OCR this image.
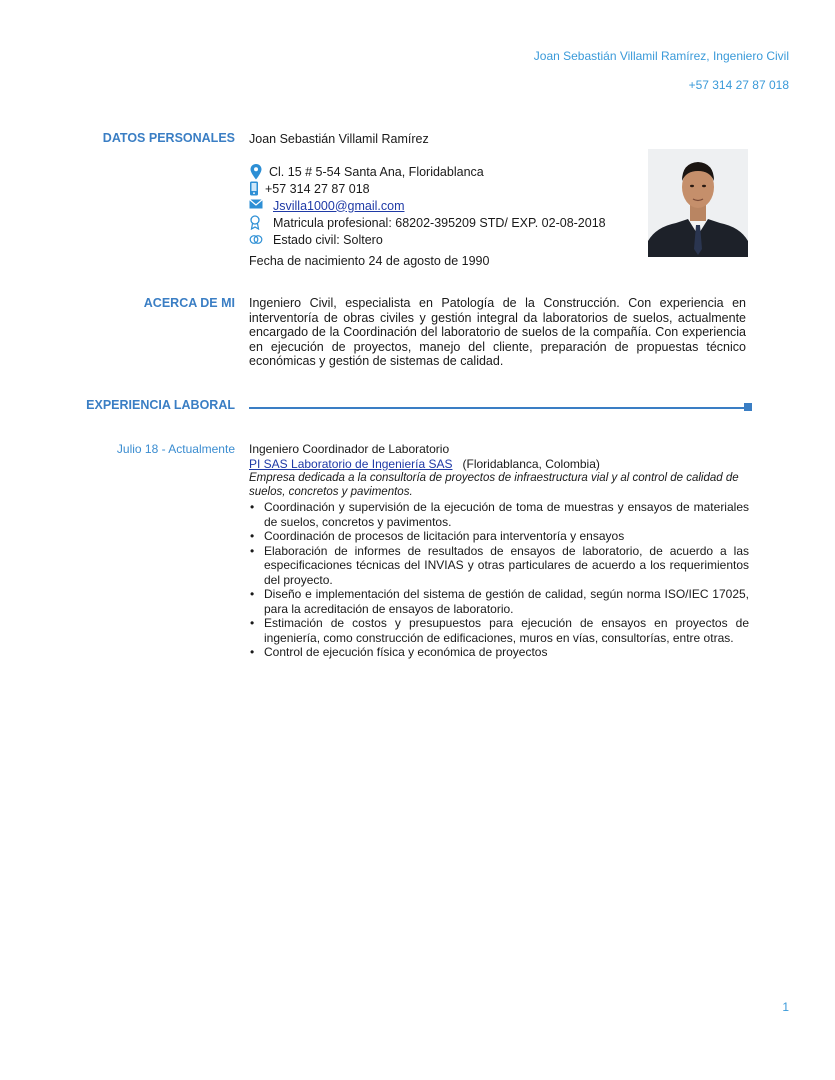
Joan Sebastián Villamil Ramírez, Ingeniero Civil
+57 314 27 87 018
DATOS PERSONALES Joan Sebastián Villamil Ramírez
Cl. 15 # 5-54 Santa Ana, Floridablanca
+57 314 27 87 018
Jsvilla1000@gmail.com
Matricula profesional: 68202-395209 STD/ EXP. 02-08-2018
Estado civil: Soltero
Fecha de nacimiento 24 de agosto de 1990
ACERCA DE MI Ingeniero Civil, especialista en Patología de la Construcción. Con experiencia en interventoría de obras civiles y gestión integral da laboratorios de suelos, actualmente encargado de la Coordinación del laboratorio de suelos de la compañía. Con experiencia en ejecución de proyectos, manejo del cliente, preparación de propuestas técnico económicas y gestión de sistemas de calidad.
EXPERIENCIA LABORAL
Julio 18 - Actualmente Ingeniero Coordinador de Laboratorio
PI SAS Laboratorio de Ingeniería SAS (Floridablanca, Colombia)
Empresa dedicada a la consultoría de proyectos de infraestructura vial y al control de calidad de suelos, concretos y pavimentos.
• Coordinación y supervisión de la ejecución de toma de muestras y ensayos de materiales de suelos, concretos y pavimentos.
• Coordinación de procesos de licitación para interventoría y ensayos
• Elaboración de informes de resultados de ensayos de laboratorio, de acuerdo a las especificaciones técnicas del INVIAS y otras particulares de acuerdo a los requerimientos del proyecto.
• Diseño e implementación del sistema de gestión de calidad, según norma ISO/IEC 17025, para la acreditación de ensayos de laboratorio.
• Estimación de costos y presupuestos para ejecución de ensayos en proyectos de ingeniería, como construcción de edificaciones, muros en vías, consultorías, entre otras.
• Control de ejecución física y económica de proyectos
1
